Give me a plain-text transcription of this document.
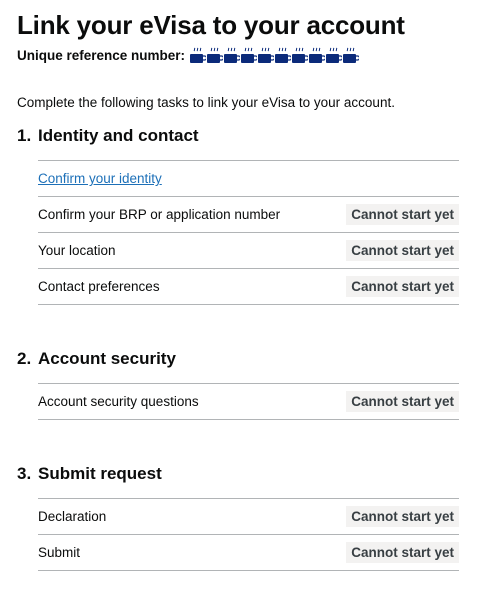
Link your eVisa to your account
Unique reference number:

Complete the following tasks to link your eVisa to your account.

1. Identity and contact
Confirm your identity
Confirm your BRP or application number	Cannot start yet
Your location	Cannot start yet
Contact preferences	Cannot start yet
2. Account security
Account security questions	Cannot start yet
3. Submit request
Declaration	Cannot start yet
Submit	Cannot start yet
